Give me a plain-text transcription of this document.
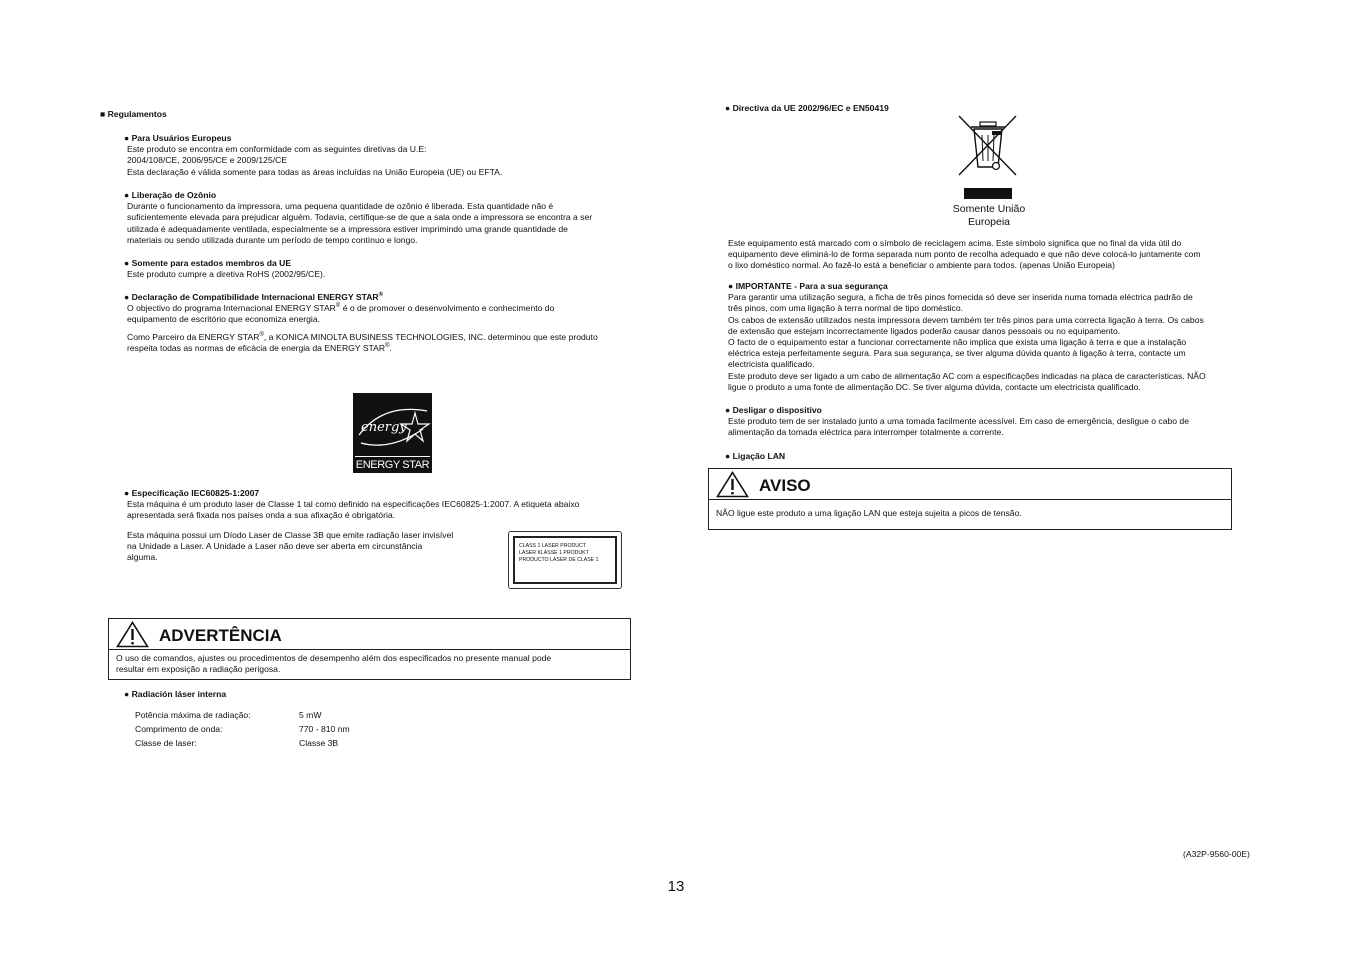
■ Regulamentos
● Para Usuários Europeus
Este produto se encontra em conformidade com as seguintes diretivas da U.E:
2004/108/CE, 2006/95/CE e 2009/125/CE
Esta declaração é válida somente para todas as áreas incluídas na União Europeia (UE) ou EFTA.
● Liberação de Ozônio
Durante o funcionamento da impressora, uma pequena quantidade de ozônio é liberada. Esta quantidade não é
suficientemente elevada para prejudicar alguém. Todavia, certifique-se de que a sala onde a impressora se encontra a ser
utilizada é adequadamente ventilada, especialmente se a impressora estiver imprimindo uma grande quantidade de
materiais ou sendo utilizada durante um período de tempo contínuo e longo.
● Somente para estados membros da UE
Este produto cumpre a diretiva RoHS (2002/95/CE).
● Declaração de Compatibilidade Internacional ENERGY STAR®
O objectivo do programa Internacional ENERGY STAR® é o de promover o desenvolvimento e conhecimento do
equipamento de escritório que economiza energia.
Como Parceiro da ENERGY STAR®, a KONICA MINOLTA BUSINESS TECHNOLOGIES, INC. determinou que este produto
respeita todas as normas de eficácia de energia da ENERGY STAR®.
energy
ENERGY STAR
● Especificação IEC60825-1:2007
Esta máquina é um produto laser de Classe 1 tal como definido na especificações IEC60825-1:2007. A etiqueta abaixo
apresentada será fixada nos países onda a sua afixação é obrigatória.
Esta máquina possui um Díodo Laser de Classe 3B que emite radiação laser invisível
na Unidade a Laser. A Unidade a Laser não deve ser aberta em circunstância
alguma.
CLASS 1 LASER PRODUCT
LASER KLASSE 1 PRODUKT
PRODUCTO LASER DE CLASE 1
ADVERTÊNCIA
O uso de comandos, ajustes ou procedimentos de desempenho além dos especificados no presente manual pode
resultar em exposição a radiação perigosa.
● Radiación láser interna
Potência máxima de radiação:	5 mW
Comprimento de onda:	770 - 810 nm
Classe de laser:	Classe 3B
● Directiva da UE 2002/96/EC e EN50419
Somente União
Europeia
Este equipamento está marcado com o símbolo de reciclagem acima. Este símbolo significa que no final da vida útil do
equipamento deve eliminá-lo de forma separada num ponto de recolha adequado e que não deve colocá-lo juntamente com
o lixo doméstico normal. Ao fazê-lo está a beneficiar o ambiente para todos. (apenas União Europeia)
● IMPORTANTE - Para a sua segurança
Para garantir uma utilização segura, a ficha de três pinos fornecida só deve ser inserida numa tomada eléctrica padrão de
três pinos, com uma ligação à terra normal de tipo doméstico.
Os cabos de extensão utilizados nesta impressora devem também ter três pinos para uma correcta ligação à terra. Os cabos
de extensão que estejam incorrectamente ligados poderão causar danos pessoais ou no equipamento.
O facto de o equipamento estar a funcionar correctamente não implica que exista uma ligação à terra e que a instalação
eléctrica esteja perfeitamente segura. Para sua segurança, se tiver alguma dúvida quanto à ligação à terra, contacte um
electricista qualificado.
Este produto deve ser ligado a um cabo de alimentação AC com a especificações indicadas na placa de características. NÃO
ligue o produto a uma fonte de alimentação DC. Se tiver alguma dúvida, contacte um electricista qualificado.
● Desligar o dispositivo
Este produto tem de ser instalado junto a uma tomada facilmente acessível. Em caso de emergência, desligue o cabo de
alimentação da tomada eléctrica para interromper totalmente a corrente.
● Ligação LAN
AVISO
NÃO ligue este produto a uma ligação LAN que esteja sujeita a picos de tensão.
(A32P-9560-00E)
13
